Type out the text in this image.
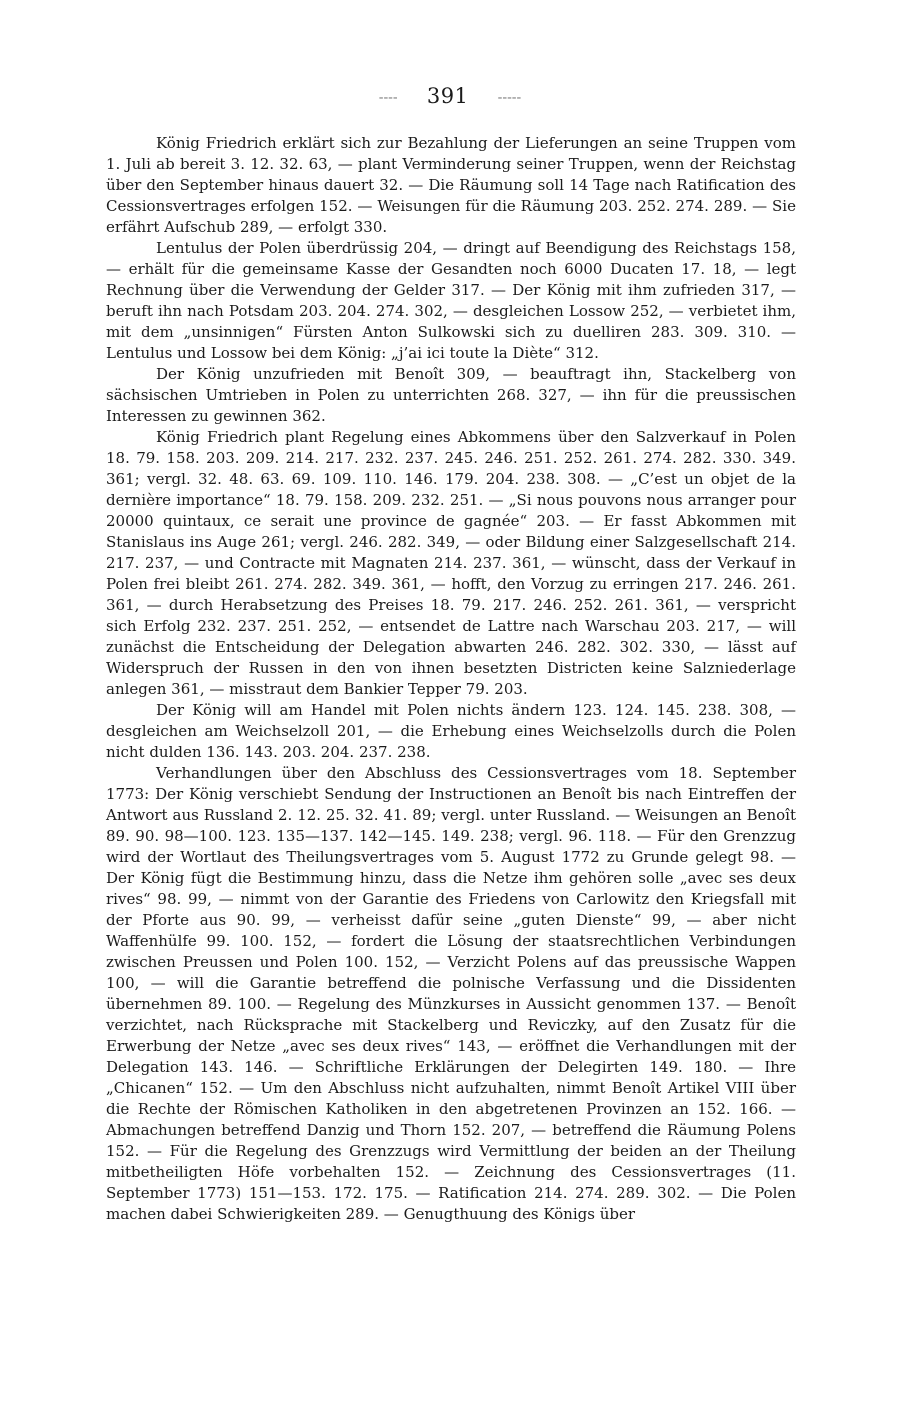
---- 391 -----

König Friedrich erklärt sich zur Bezahlung der Lieferungen an seine Truppen vom 1. Juli ab bereit 3. 12. 32. 63, — plant Verminderung seiner Truppen, wenn der Reichstag über den September hinaus dauert 32. — Die Räumung soll 14 Tage nach Ratification des Cessionsvertrages erfolgen 152. — Weisungen für die Räumung 203. 252. 274. 289. — Sie erfährt Aufschub 289, — erfolgt 330.

Lentulus der Polen überdrüssig 204, — dringt auf Beendigung des Reichstags 158, — erhält für die gemeinsame Kasse der Gesandten noch 6000 Ducaten 17. 18, — legt Rechnung über die Verwendung der Gelder 317. — Der König mit ihm zufrieden 317, — beruft ihn nach Potsdam 203. 204. 274. 302, — desgleichen Lossow 252, — verbietet ihm, mit dem „unsinnigen“ Fürsten Anton Sulkowski sich zu duelliren 283. 309. 310. — Lentulus und Lossow bei dem König: „j’ai ici toute la Diète“ 312.

Der König unzufrieden mit Benoît 309, — beauftragt ihn, Stackelberg von sächsischen Umtrieben in Polen zu unterrichten 268. 327, — ihn für die preussischen Interessen zu gewinnen 362.

König Friedrich plant Regelung eines Abkommens über den Salzverkauf in Polen 18. 79. 158. 203. 209. 214. 217. 232. 237. 245. 246. 251. 252. 261. 274. 282. 330. 349. 361; vergl. 32. 48. 63. 69. 109. 110. 146. 179. 204. 238. 308. — „C’est un objet de la dernière importance“ 18. 79. 158. 209. 232. 251. — „Si nous pouvons nous arranger pour 20000 quintaux, ce serait une province de gagnée“ 203. — Er fasst Abkommen mit Stanislaus ins Auge 261; vergl. 246. 282. 349, — oder Bildung einer Salzgesellschaft 214. 217. 237, — und Contracte mit Magnaten 214. 237. 361, — wünscht, dass der Verkauf in Polen frei bleibt 261. 274. 282. 349. 361, — hofft, den Vorzug zu erringen 217. 246. 261. 361, — durch Herabsetzung des Preises 18. 79. 217. 246. 252. 261. 361, — verspricht sich Erfolg 232. 237. 251. 252, — entsendet de Lattre nach Warschau 203. 217, — will zunächst die Entscheidung der Delegation abwarten 246. 282. 302. 330, — lässt auf Widerspruch der Russen in den von ihnen besetzten Districten keine Salzniederlage anlegen 361, — misstraut dem Bankier Tepper 79. 203.

Der König will am Handel mit Polen nichts ändern 123. 124. 145. 238. 308, — desgleichen am Weichselzoll 201, — die Erhebung eines Weichselzolls durch die Polen nicht dulden 136. 143. 203. 204. 237. 238.

Verhandlungen über den Abschluss des Cessionsvertrages vom 18. September 1773: Der König verschiebt Sendung der Instructionen an Benoît bis nach Eintreffen der Antwort aus Russland 2. 12. 25. 32. 41. 89; vergl. unter Russland. — Weisungen an Benoît 89. 90. 98—100. 123. 135—137. 142—145. 149. 238; vergl. 96. 118. — Für den Grenzzug wird der Wortlaut des Theilungsvertrages vom 5. August 1772 zu Grunde gelegt 98. — Der König fügt die Bestimmung hinzu, dass die Netze ihm gehören solle „avec ses deux rives“ 98. 99, — nimmt von der Garantie des Friedens von Carlowitz den Kriegsfall mit der Pforte aus 90. 99, — verheisst dafür seine „guten Dienste“ 99, — aber nicht Waffenhülfe 99. 100. 152, — fordert die Lösung der staatsrechtlichen Verbindungen zwischen Preussen und Polen 100. 152, — Verzicht Polens auf das preussische Wappen 100, — will die Garantie betreffend die polnische Verfassung und die Dissidenten übernehmen 89. 100. — Regelung des Münzkurses in Aussicht genommen 137. — Benoît verzichtet, nach Rücksprache mit Stackelberg und Reviczky, auf den Zusatz für die Erwerbung der Netze „avec ses deux rives“ 143, — eröffnet die Verhandlungen mit der Delegation 143. 146. — Schriftliche Erklärungen der Delegirten 149. 180. — Ihre „Chicanen“ 152. — Um den Abschluss nicht aufzuhalten, nimmt Benoît Artikel VIII über die Rechte der Römischen Katholiken in den abgetretenen Provinzen an 152. 166. — Abmachungen betreffend Danzig und Thorn 152. 207, — betreffend die Räumung Polens 152. — Für die Regelung des Grenzzugs wird Vermittlung der beiden an der Theilung mitbetheiligten Höfe vorbehalten 152. — Zeichnung des Cessionsvertrages (11. September 1773) 151—153. 172. 175. — Ratification 214. 274. 289. 302. — Die Polen machen dabei Schwierigkeiten 289. — Genugthuung des Königs über
